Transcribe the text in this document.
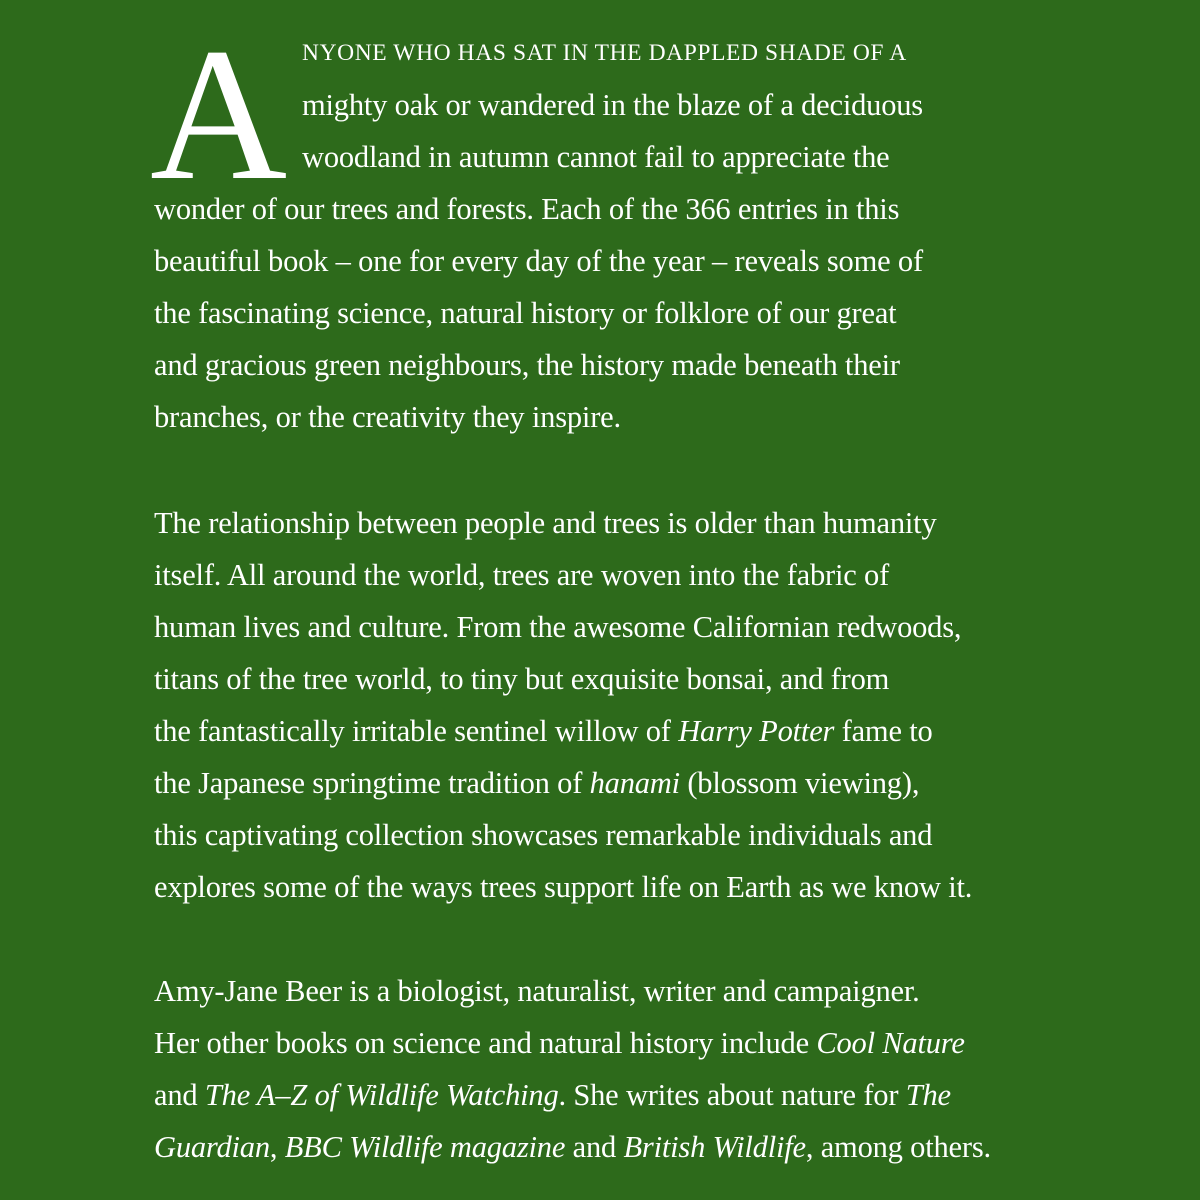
A NYONE WHO HAS SAT IN THE DAPPLED SHADE OF A
mighty oak or wandered in the blaze of a deciduous
woodland in autumn cannot fail to appreciate the
wonder of our trees and forests. Each of the 366 entries in this
beautiful book – one for every day of the year – reveals some of
the fascinating science, natural history or folklore of our great
and gracious green neighbours, the history made beneath their
branches, or the creativity they inspire.
The relationship between people and trees is older than humanity
itself. All around the world, trees are woven into the fabric of
human lives and culture. From the awesome Californian redwoods,
titans of the tree world, to tiny but exquisite bonsai, and from
the fantastically irritable sentinel willow of Harry Potter fame to
the Japanese springtime tradition of hanami (blossom viewing),
this captivating collection showcases remarkable individuals and
explores some of the ways trees support life on Earth as we know it.
Amy-Jane Beer is a biologist, naturalist, writer and campaigner.
Her other books on science and natural history include Cool Nature
and The A–Z of Wildlife Watching. She writes about nature for The
Guardian, BBC Wildlife magazine and British Wildlife, among others.
